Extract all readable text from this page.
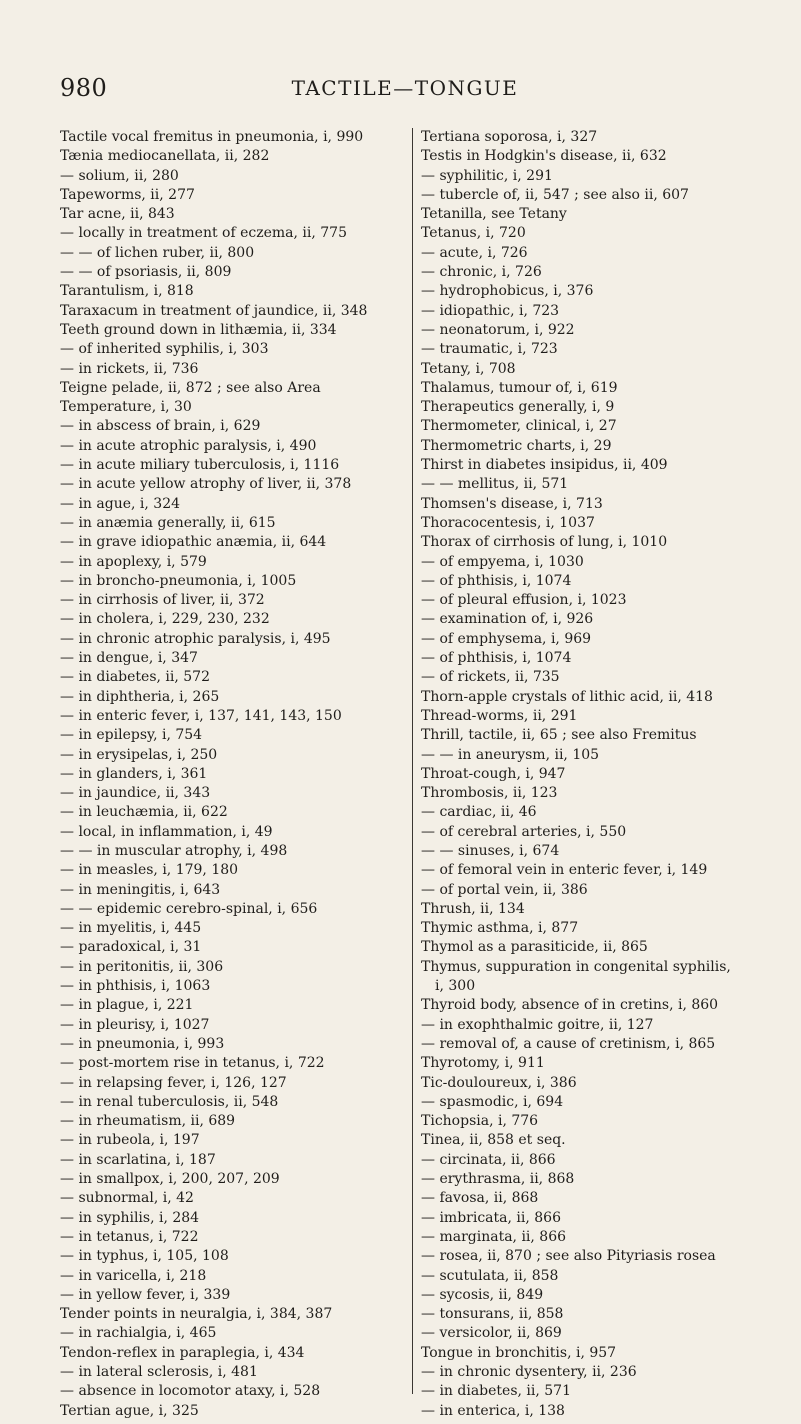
980	TACTILE—TONGUE
Tactile vocal fremitus in pneumonia, i, 990
Tænia mediocanellata, ii, 282
— solium, ii, 280
Tapeworms, ii, 277
Tar acne, ii, 843
— locally in treatment of eczema, ii, 775
— — of lichen ruber, ii, 800
— — of psoriasis, ii, 809
Tarantulism, i, 818
Taraxacum in treatment of jaundice, ii, 348
Teeth ground down in lithæmia, ii, 334
— of inherited syphilis, i, 303
— in rickets, ii, 736
Teigne pelade, ii, 872 ; see also Area
Temperature, i, 30
— in abscess of brain, i, 629
— in acute atrophic paralysis, i, 490
— in acute miliary tuberculosis, i, 1116
— in acute yellow atrophy of liver, ii, 378
— in ague, i, 324
— in anæmia generally, ii, 615
— in grave idiopathic anæmia, ii, 644
— in apoplexy, i, 579
— in broncho-pneumonia, i, 1005
— in cirrhosis of liver, ii, 372
— in cholera, i, 229, 230, 232
— in chronic atrophic paralysis, i, 495
— in dengue, i, 347
— in diabetes, ii, 572
— in diphtheria, i, 265
— in enteric fever, i, 137, 141, 143, 150
— in epilepsy, i, 754
— in erysipelas, i, 250
— in glanders, i, 361
— in jaundice, ii, 343
— in leuchæmia, ii, 622
— local, in inflammation, i, 49
— — in muscular atrophy, i, 498
— in measles, i, 179, 180
— in meningitis, i, 643
— — epidemic cerebro-spinal, i, 656
— in myelitis, i, 445
— paradoxical, i, 31
— in peritonitis, ii, 306
— in phthisis, i, 1063
— in plague, i, 221
— in pleurisy, i, 1027
— in pneumonia, i, 993
— post-mortem rise in tetanus, i, 722
— in relapsing fever, i, 126, 127
— in renal tuberculosis, ii, 548
— in rheumatism, ii, 689
— in rubeola, i, 197
— in scarlatina, i, 187
— in smallpox, i, 200, 207, 209
— subnormal, i, 42
— in syphilis, i, 284
— in tetanus, i, 722
— in typhus, i, 105, 108
— in varicella, i, 218
— in yellow fever, i, 339
Tender points in neuralgia, i, 384, 387
— in rachialgia, i, 465
Tendon-reflex in paraplegia, i, 434
— in lateral sclerosis, i, 481
— absence in locomotor ataxy, i, 528
Tertian ague, i, 325
Tertiana soporosa, i, 327
Testis in Hodgkin's disease, ii, 632
— syphilitic, i, 291
— tubercle of, ii, 547 ; see also ii, 607
Tetanilla, see Tetany
Tetanus, i, 720
— acute, i, 726
— chronic, i, 726
— hydrophobicus, i, 376
— idiopathic, i, 723
— neonatorum, i, 922
— traumatic, i, 723
Tetany, i, 708
Thalamus, tumour of, i, 619
Therapeutics generally, i, 9
Thermometer, clinical, i, 27
Thermometric charts, i, 29
Thirst in diabetes insipidus, ii, 409
— — mellitus, ii, 571
Thomsen's disease, i, 713
Thoracocentesis, i, 1037
Thorax of cirrhosis of lung, i, 1010
— of empyema, i, 1030
— of phthisis, i, 1074
— of pleural effusion, i, 1023
— examination of, i, 926
— of emphysema, i, 969
— of phthisis, i, 1074
— of rickets, ii, 735
Thorn-apple crystals of lithic acid, ii, 418
Thread-worms, ii, 291
Thrill, tactile, ii, 65 ; see also Fremitus
— — in aneurysm, ii, 105
Throat-cough, i, 947
Thrombosis, ii, 123
— cardiac, ii, 46
— of cerebral arteries, i, 550
— — sinuses, i, 674
— of femoral vein in enteric fever, i, 149
— of portal vein, ii, 386
Thrush, ii, 134
Thymic asthma, i, 877
Thymol as a parasiticide, ii, 865
Thymus, suppuration in congenital syphilis,
i, 300
Thyroid body, absence of in cretins, i, 860
— in exophthalmic goitre, ii, 127
— removal of, a cause of cretinism, i, 865
Thyrotomy, i, 911
Tic-douloureux, i, 386
— spasmodic, i, 694
Tichopsia, i, 776
Tinea, ii, 858 et seq.
— circinata, ii, 866
— erythrasma, ii, 868
— favosa, ii, 868
— imbricata, ii, 866
— marginata, ii, 866
— rosea, ii, 870 ; see also Pityriasis rosea
— scutulata, ii, 858
— sycosis, ii, 849
— tonsurans, ii, 858
— versicolor, ii, 869
Tongue in bronchitis, i, 957
— in chronic dysentery, ii, 236
— in diabetes, ii, 571
— in enterica, i, 138
